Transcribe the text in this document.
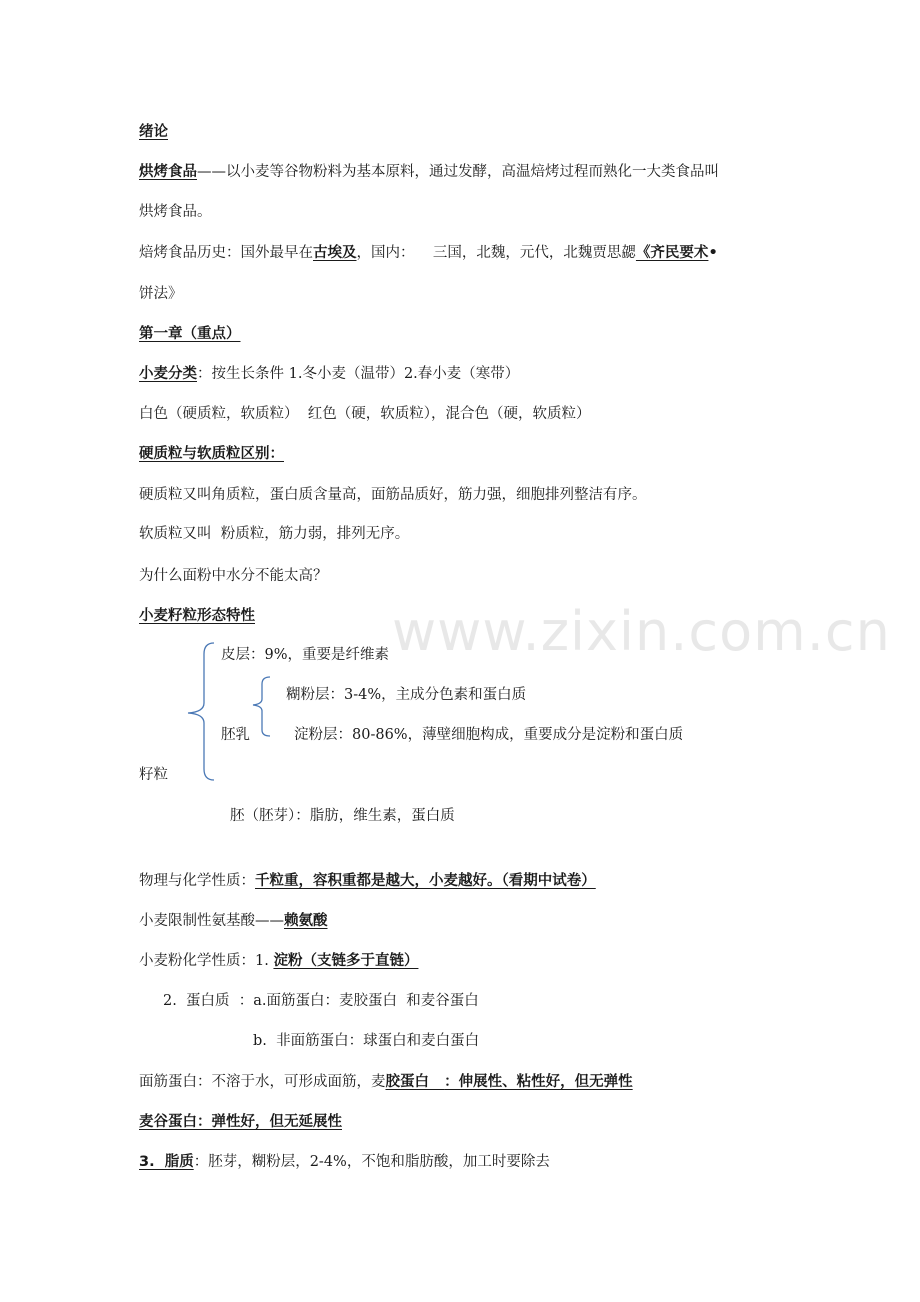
www.zixin.com.cn
绪论
烘烤食品——以小麦等谷物粉料为基本原料，通过发酵，高温焙烤过程而熟化一大类食品叫
烘烤食品。
焙烤食品历史：国外最早在古埃及，国内：    三国，北魏，元代，北魏贾思勰《齐民要术•
饼法》
第一章（重点）
小麦分类：按生长条件 1.冬小麦（温带）2.春小麦（寒带）
白色（硬质粒，软质粒）  红色（硬，软质粒），混合色（硬，软质粒）
硬质粒与软质粒区别：
硬质粒又叫角质粒，蛋白质含量高，面筋品质好，筋力强，细胞排列整洁有序。
软质粒又叫  粉质粒，筋力弱，排列无序。
为什么面粉中水分不能太高？
小麦籽粒形态特性
皮层：9%，重要是纤维素
糊粉层：3-4%，主成分色素和蛋白质
胚乳	淀粉层：80-86%，薄壁细胞构成，重要成分是淀粉和蛋白质
籽粒
胚（胚芽）：脂肪，维生素，蛋白质
物理与化学性质：千粒重，容积重都是越大，小麦越好。（看期中试卷）
小麦限制性氨基酸——赖氨酸
小麦粉化学性质：1. 淀粉（支链多于直链）
2.  蛋白质  ：a.面筋蛋白：麦胶蛋白  和麦谷蛋白
b.  非面筋蛋白：球蛋白和麦白蛋白
面筋蛋白：不溶于水，可形成面筋，麦胶蛋白   ：伸展性、粘性好，但无弹性
麦谷蛋白：弹性好，但无延展性
3.  脂质：胚芽，糊粉层，2-4%，不饱和脂肪酸，加工时要除去
